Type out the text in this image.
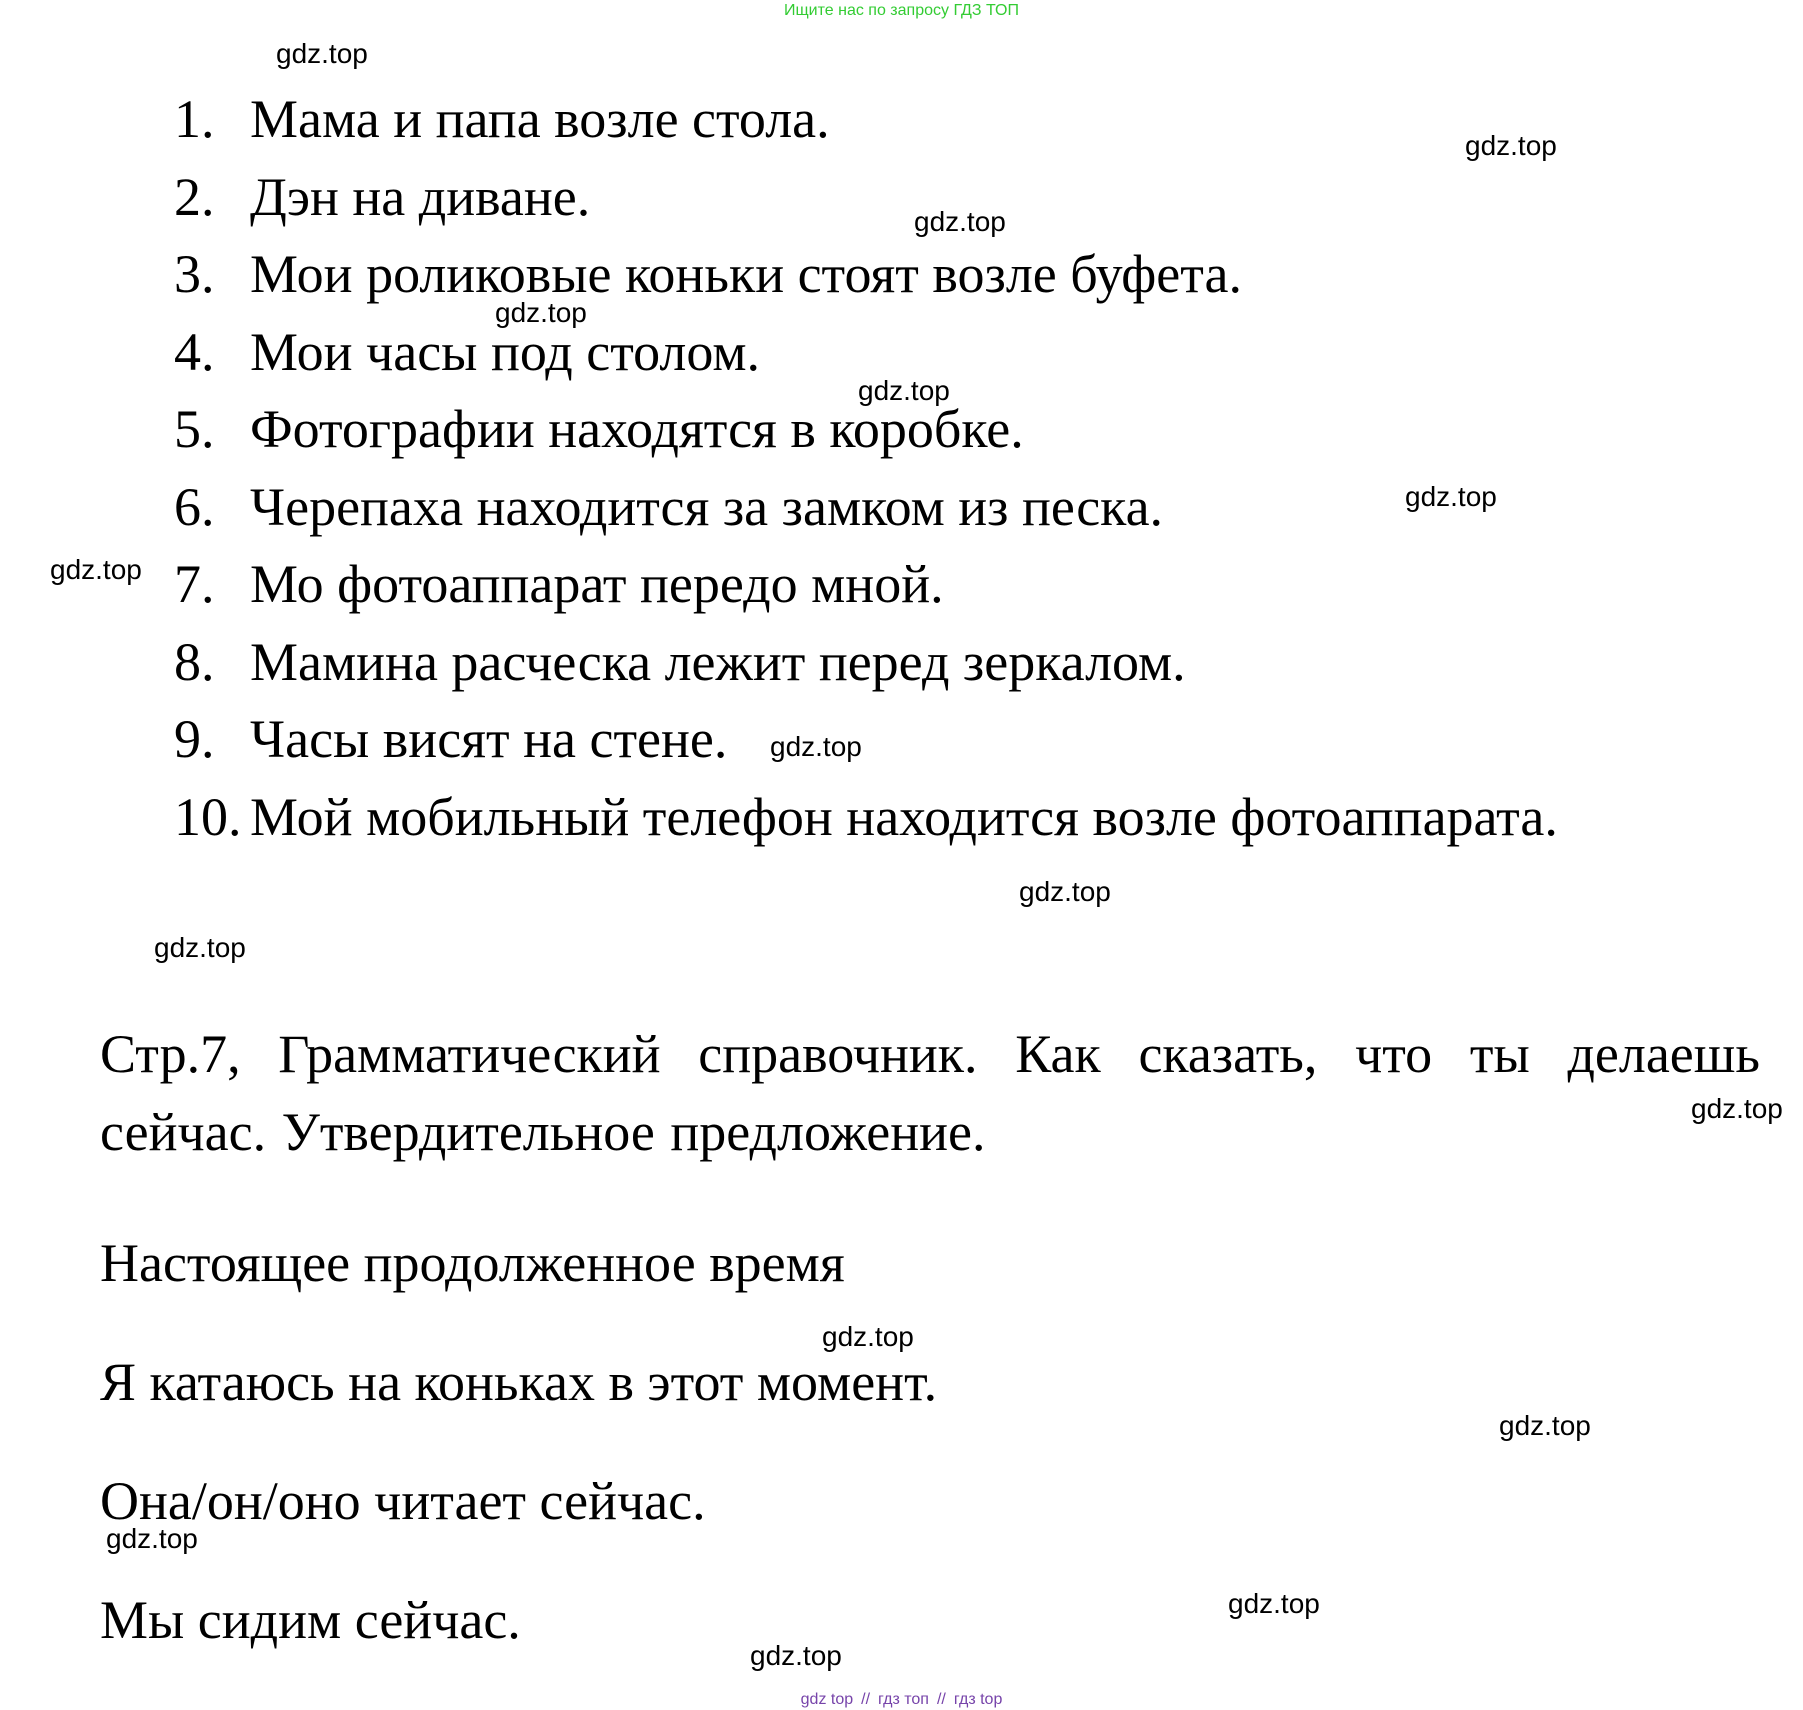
Ищите нас по запросу ГДЗ ТОП
1. Мама и папа возле стола.
2. Дэн на диване.
3. Мои роликовые коньки стоят возле буфета.
4. Мои часы под столом.
5. Фотографии находятся в коробке.
6. Черепаха находится за замком из песка.
7. Мо фотоаппарат передо мной.
8. Мамина расческа лежит перед зеркалом.
9. Часы висят на стене.
10. Мой мобильный телефон находится возле фотоаппарата.

Стр.7, Грамматический справочник. Как сказать, что ты делаешь сейчас. Утвердительное предложение.

Настоящее продолженное время

Я катаюсь на коньках в этот момент.

Она/он/оно читает сейчас.

Мы сидим сейчас.

gdz.top
gdz.top
gdz.top
gdz.top
gdz.top
gdz.top
gdz.top
gdz.top
gdz.top
gdz.top
gdz.top
gdz.top
gdz.top
gdz.top
gdz.top
gdz.top
gdz top // гдз топ // гдз top
